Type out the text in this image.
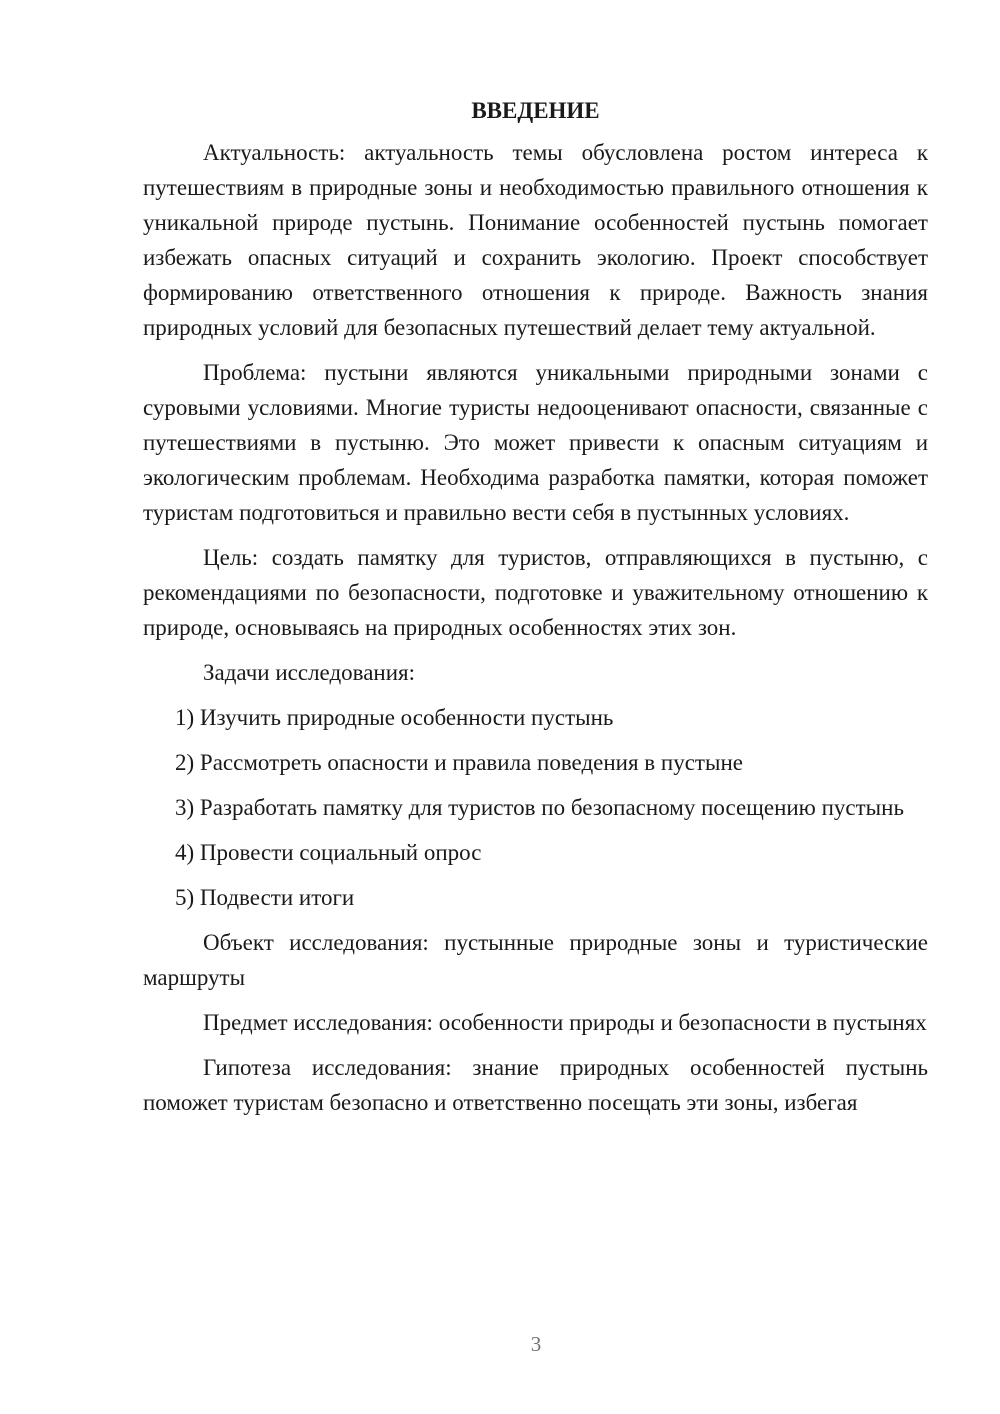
ВВЕДЕНИЕ

Актуальность: актуальность темы обусловлена ростом интереса к путешествиям в природные зоны и необходимостью правильного отношения к уникальной природе пустынь. Понимание особенностей пустынь помогает избежать опасных ситуаций и сохранить экологию. Проект способствует формированию ответственного отношения к природе. Важность знания природных условий для безопасных путешествий делает тему актуальной.

Проблема: пустыни являются уникальными природными зонами с суровыми условиями. Многие туристы недооценивают опасности, связанные с путешествиями в пустыню. Это может привести к опасным ситуациям и экологическим проблемам. Необходима разработка памятки, которая поможет туристам подготовиться и правильно вести себя в пустынных условиях.

Цель: создать памятку для туристов, отправляющихся в пустыню, с рекомендациями по безопасности, подготовке и уважительному отношению к природе, основываясь на природных особенностях этих зон.

Задачи исследования:

1) Изучить природные особенности пустынь

2) Рассмотреть опасности и правила поведения в пустыне

3) Разработать памятку для туристов по безопасному посещению пустынь

4) Провести социальный опрос

5) Подвести итоги

Объект исследования: пустынные природные зоны и туристические маршруты

Предмет исследования: особенности природы и безопасности в пустынях

Гипотеза исследования: знание природных особенностей пустынь поможет туристам безопасно и ответственно посещать эти зоны, избегая

3
